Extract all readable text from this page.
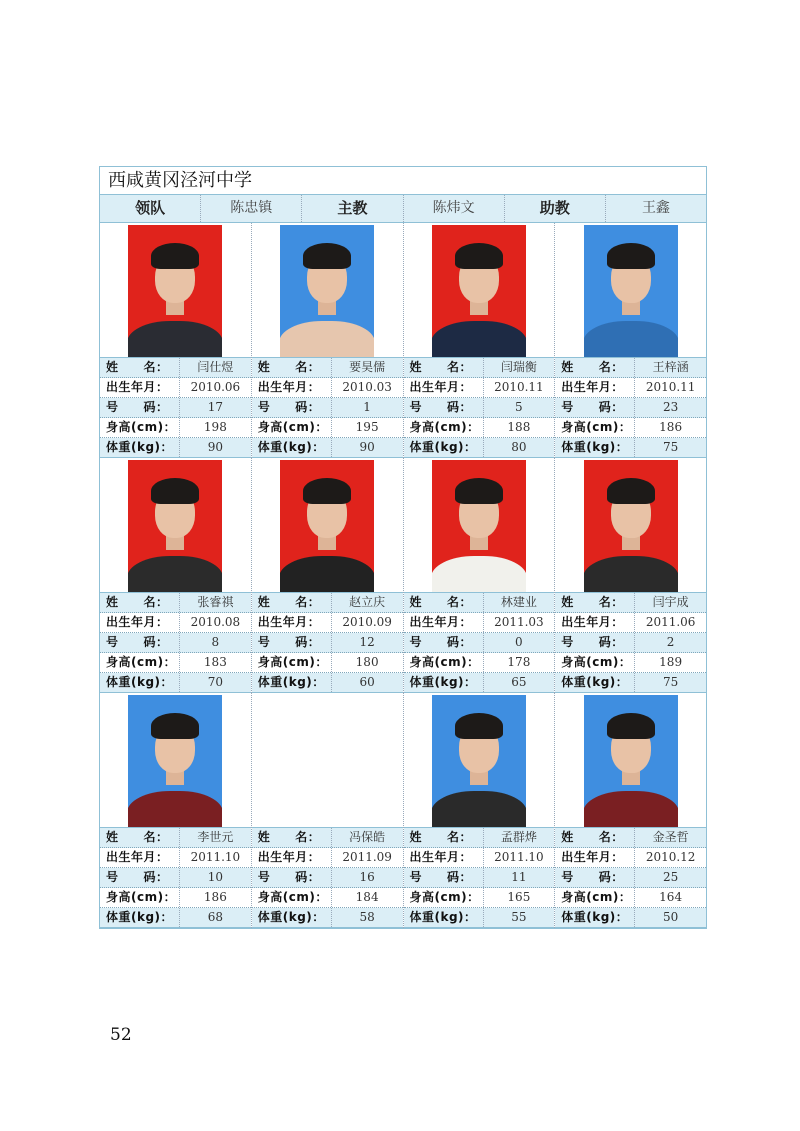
西咸黄冈泾河中学
领队	陈忠镇	主教	陈炜文	助教	王鑫
姓　　名：	闫仕煜
出生年月：	2010.06
号　　码：	17
身高(cm)：	198
体重(kg)：	90
姓　　名：	要昊儒
出生年月：	2010.03
号　　码：	1
身高(cm)：	195
体重(kg)：	90
姓　　名：	闫瑞衡
出生年月：	2010.11
号　　码：	5
身高(cm)：	188
体重(kg)：	80
姓　　名：	王梓涵
出生年月：	2010.11
号　　码：	23
身高(cm)：	186
体重(kg)：	75
姓　　名：	张睿祺
出生年月：	2010.08
号　　码：	8
身高(cm)：	183
体重(kg)：	70
姓　　名：	赵立庆
出生年月：	2010.09
号　　码：	12
身高(cm)：	180
体重(kg)：	60
姓　　名：	林建业
出生年月：	2011.03
号　　码：	0
身高(cm)：	178
体重(kg)：	65
姓　　名：	闫宇成
出生年月：	2011.06
号　　码：	2
身高(cm)：	189
体重(kg)：	75
姓　　名：	李世元
出生年月：	2011.10
号　　码：	10
身高(cm)：	186
体重(kg)：	68
姓　　名：	冯保皓
出生年月：	2011.09
号　　码：	16
身高(cm)：	184
体重(kg)：	58
姓　　名：	孟群烨
出生年月：	2011.10
号　　码：	11
身高(cm)：	165
体重(kg)：	55
姓　　名：	金圣哲
出生年月：	2010.12
号　　码：	25
身高(cm)：	164
体重(kg)：	50
52
